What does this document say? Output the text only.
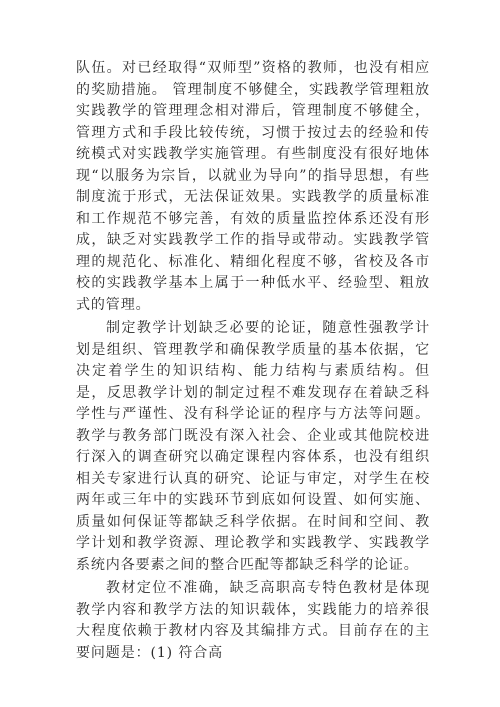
队伍。对已经取得“双师型”资格的教师，也没有相应的奖励措施。 管理制度不够健全，实践教学管理粗放实践教学的管理理念相对滞后，管理制度不够健全，管理方式和手段比较传统，习惯于按过去的经验和传统模式对实践教学实施管理。有些制度没有很好地体现“以服务为宗旨，以就业为导向”的指导思想，有些制度流于形式，无法保证效果。实践教学的质量标准和工作规范不够完善，有效的质量监控体系还没有形成，缺乏对实践教学工作的指导或带动。实践教学管理的规范化、标准化、精细化程度不够，省校及各市校的实践教学基本上属于一种低水平、经验型、粗放式的管理。

制定教学计划缺乏必要的论证，随意性强教学计划是组织、管理教学和确保教学质量的基本依据，它决定着学生的知识结构、能力结构与素质结构。但是，反思教学计划的制定过程不难发现存在着缺乏科学性与严谨性、没有科学论证的程序与方法等问题。教学与教务部门既没有深入社会、企业或其他院校进行深入的调查研究以确定课程内容体系，也没有组织相关专家进行认真的研究、论证与审定，对学生在校两年或三年中的实践环节到底如何设置、如何实施、质量如何保证等都缺乏科学依据。在时间和空间、教学计划和教学资源、理论教学和实践教学、实践教学系统内各要素之间的整合匹配等都缺乏科学的论证。

教材定位不准确，缺乏高职高专特色教材是体现教学内容和教学方法的知识载体，实践能力的培养很大程度依赖于教材内容及其编排方式。目前存在的主要问题是：(1) 符合高
